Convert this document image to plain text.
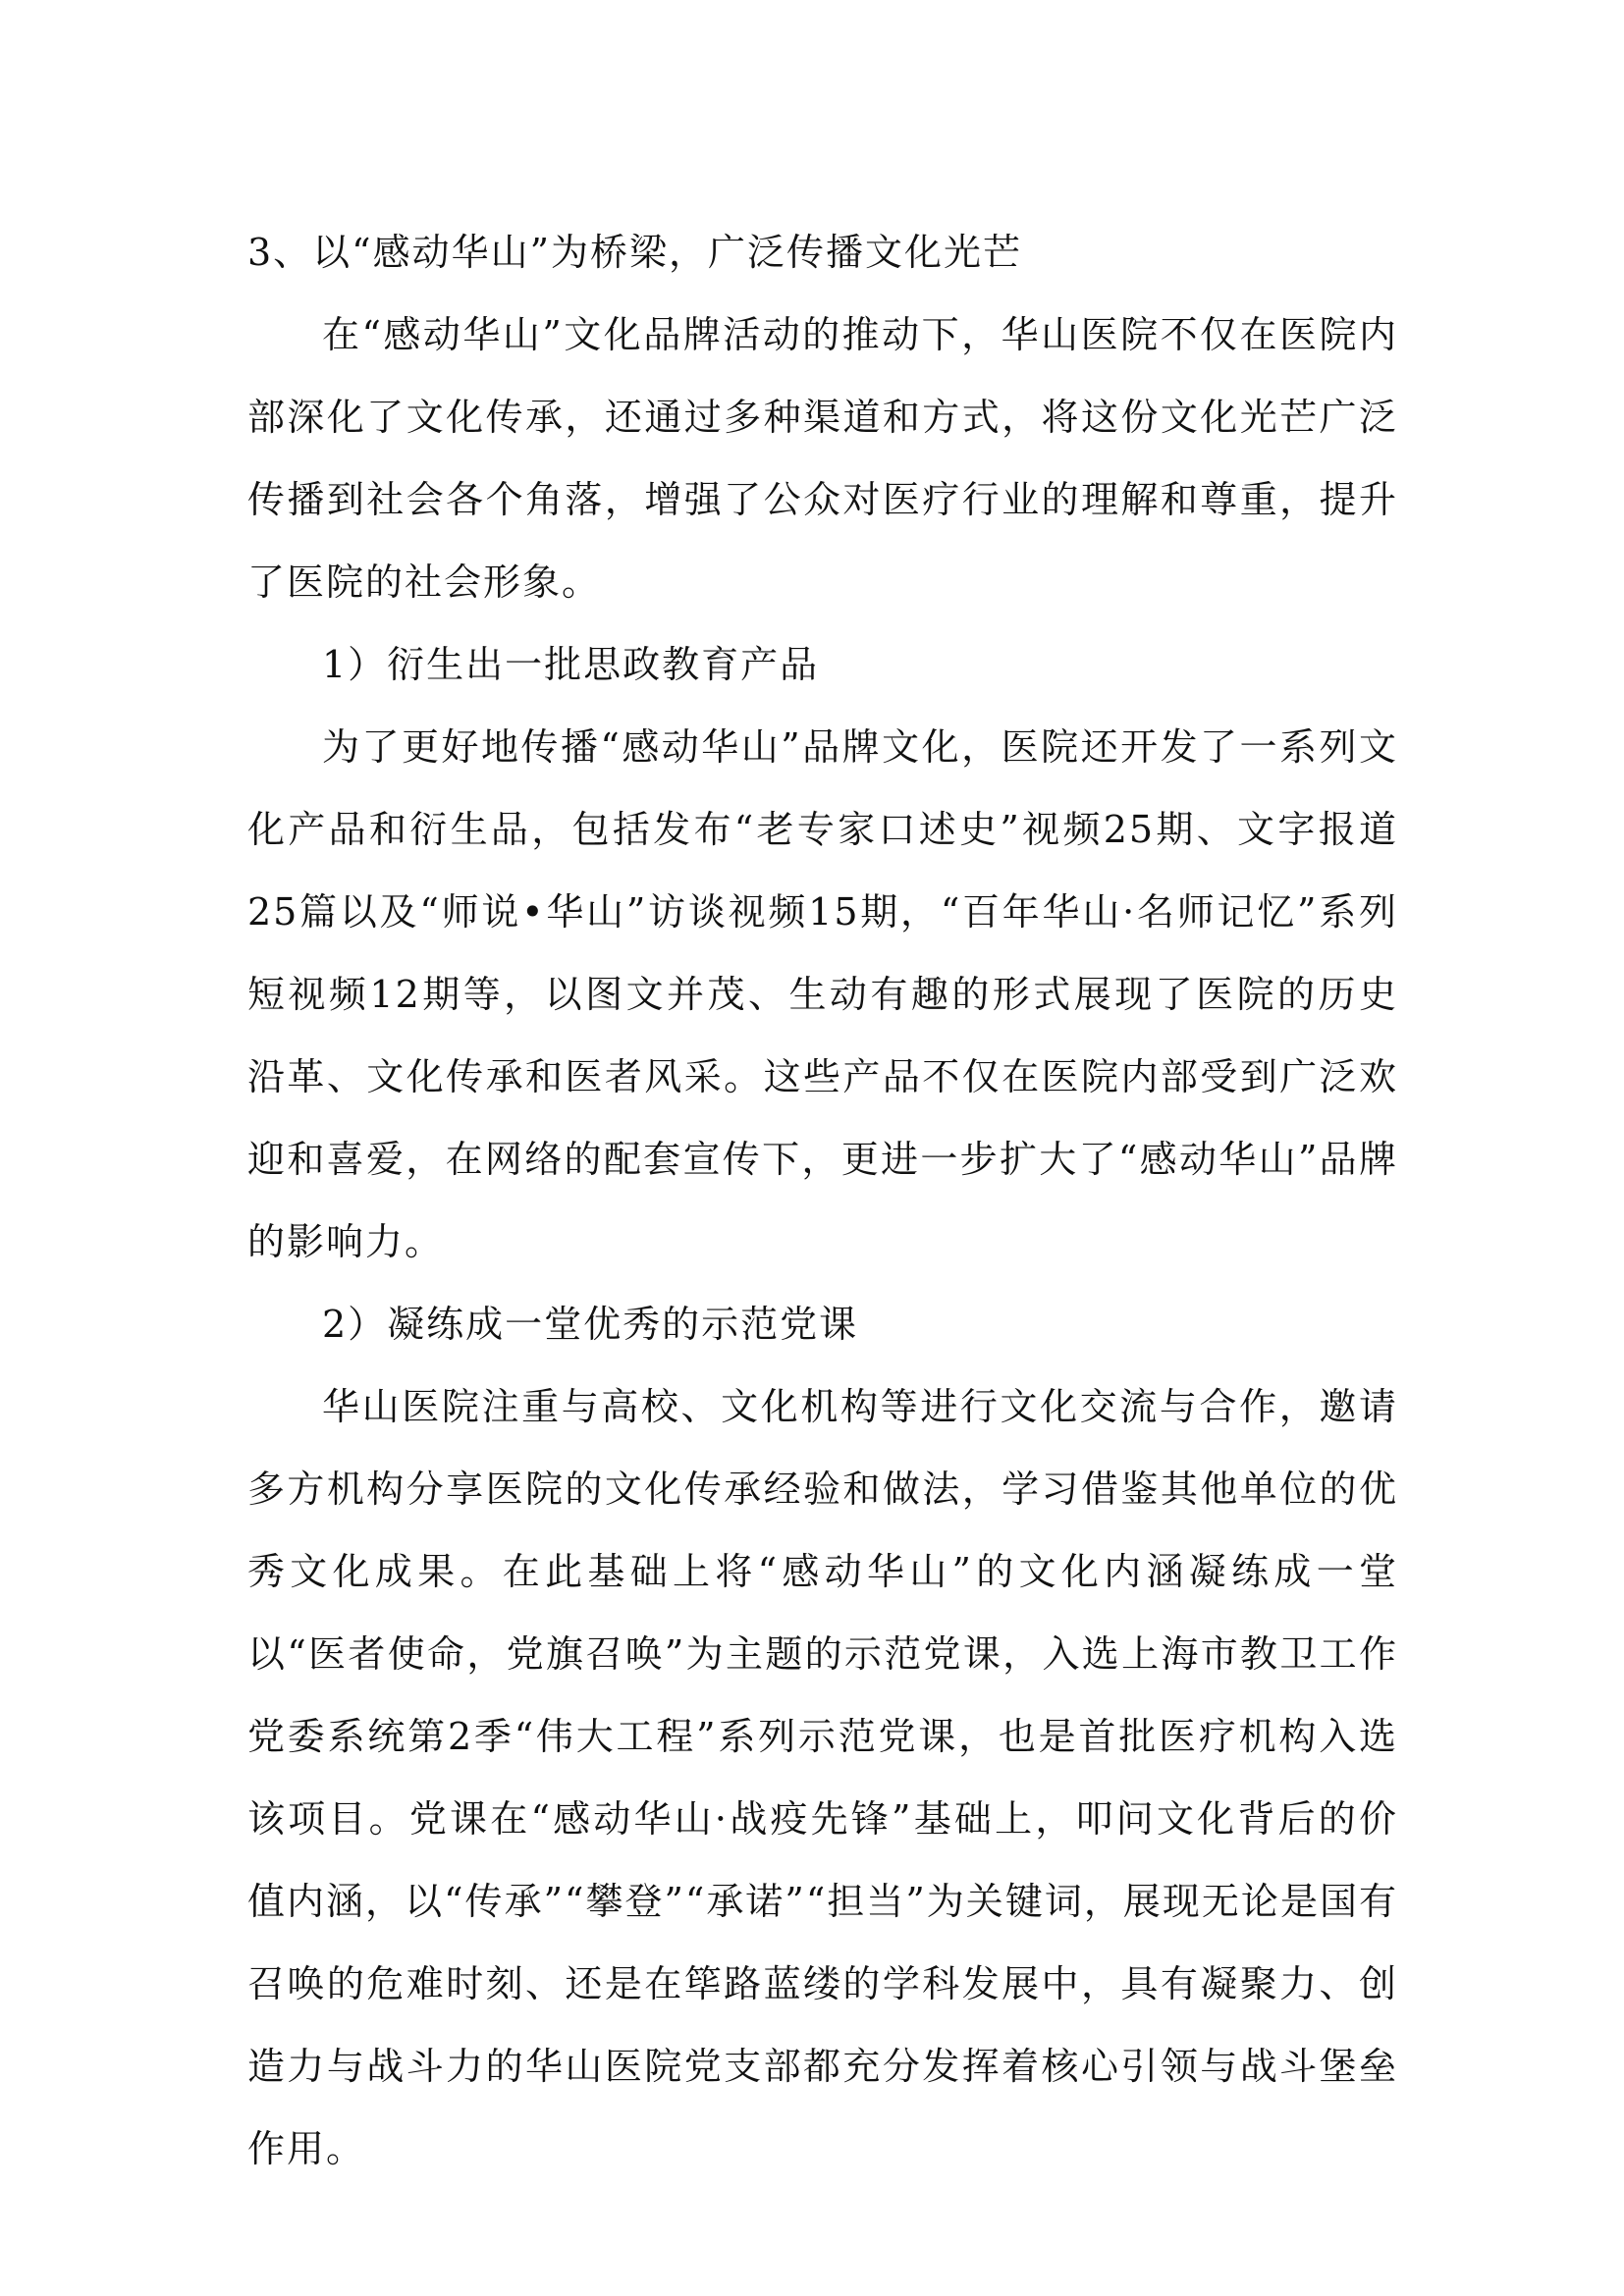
3、以“感动华山”为桥梁，广泛传播文化光芒

在“感动华山”文化品牌活动的推动下，华山医院不仅在医院内部深化了文化传承，还通过多种渠道和方式，将这份文化光芒广泛传播到社会各个角落，增强了公众对医疗行业的理解和尊重，提升了医院的社会形象。

1）衍生出一批思政教育产品

为了更好地传播“感动华山”品牌文化，医院还开发了一系列文化产品和衍生品，包括发布“老专家口述史”视频25期、文字报道25篇以及“师说•华山”访谈视频15期，“百年华山·名师记忆”系列短视频12期等，以图文并茂、生动有趣的形式展现了医院的历史沿革、文化传承和医者风采。这些产品不仅在医院内部受到广泛欢迎和喜爱，在网络的配套宣传下，更进一步扩大了“感动华山”品牌的影响力。

2）凝练成一堂优秀的示范党课

华山医院注重与高校、文化机构等进行文化交流与合作，邀请多方机构分享医院的文化传承经验和做法，学习借鉴其他单位的优秀文化成果。在此基础上将“感动华山”的文化内涵凝练成一堂以“医者使命，党旗召唤”为主题的示范党课，入选上海市教卫工作党委系统第2季“伟大工程”系列示范党课，也是首批医疗机构入选该项目。党课在“感动华山·战疫先锋”基础上，叩问文化背后的价值内涵，以“传承”“攀登”“承诺”“担当”为关键词，展现无论是国有召唤的危难时刻、还是在筚路蓝缕的学科发展中，具有凝聚力、创造力与战斗力的华山医院党支部都充分发挥着核心引领与战斗堡垒作用。
